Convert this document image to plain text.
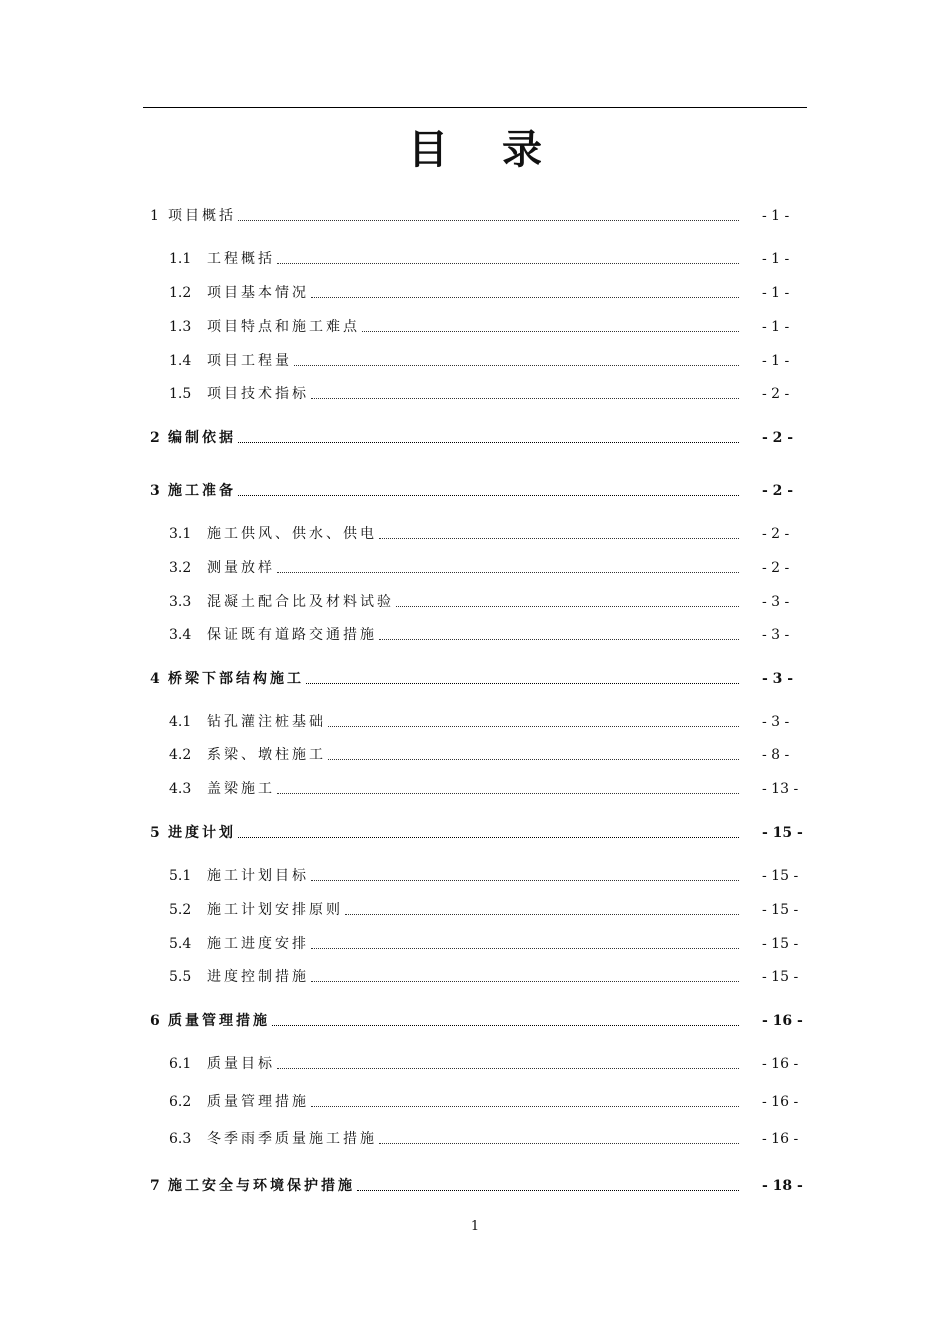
目录
1 项目概括	- 1 -
1.1	工程概括	- 1 -
1.2	项目基本情况	- 1 -
1.3	项目特点和施工难点	- 1 -
1.4	项目工程量	- 1 -
1.5	项目技术指标	- 2 -
2 编制依据	- 2 -
3 施工准备	- 2 -
3.1	施工供风、供水、供电	- 2 -
3.2	测量放样	- 2 -
3.3	混凝土配合比及材料试验	- 3 -
3.4	保证既有道路交通措施	- 3 -
4 桥梁下部结构施工	- 3 -
4.1	钻孔灌注桩基础	- 3 -
4.2	系梁、墩柱施工	- 8 -
4.3	盖梁施工	- 13 -
5 进度计划	- 15 -
5.1	施工计划目标	- 15 -
5.2	施工计划安排原则	- 15 -
5.4	施工进度安排	- 15 -
5.5	进度控制措施	- 15 -
6 质量管理措施	- 16 -
6.1	质量目标	- 16 -
6.2	质量管理措施	- 16 -
6.3	冬季雨季质量施工措施	- 16 -
7 施工安全与环境保护措施	- 18 -
1
